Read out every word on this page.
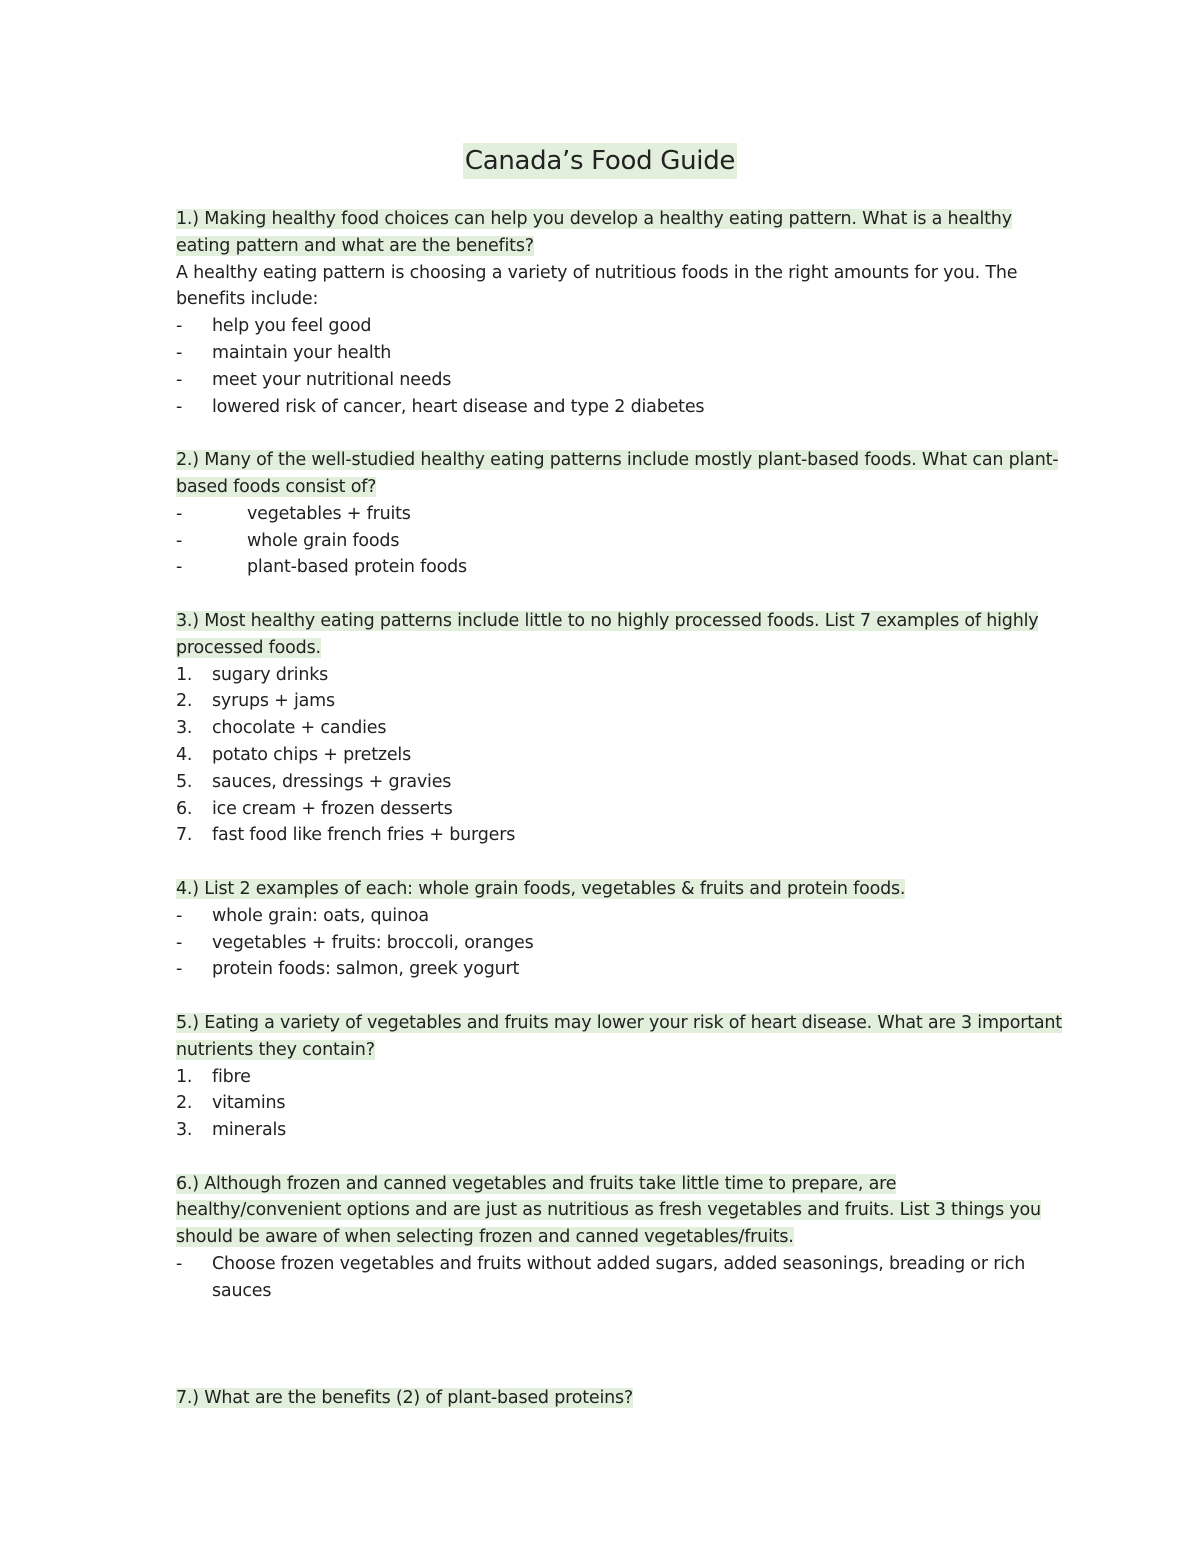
Canada’s Food Guide

1.) Making healthy food choices can help you develop a healthy eating pattern. What is a healthy eating pattern and what are the benefits?

A healthy eating pattern is choosing a variety of nutritious foods in the right amounts for you. The benefits include:

- help you feel good
- maintain your health
- meet your nutritional needs
- lowered risk of cancer, heart disease and type 2 diabetes

2.) Many of the well-studied healthy eating patterns include mostly plant-based foods. What can plant-based foods consist of?

-	vegetables + fruits
-	whole grain foods
-	plant-based protein foods

3.) Most healthy eating patterns include little to no highly processed foods. List 7 examples of highly processed foods.

1. sugary drinks
2. syrups + jams
3. chocolate + candies
4. potato chips + pretzels
5. sauces, dressings + gravies
6. ice cream + frozen desserts
7. fast food like french fries + burgers

4.) List 2 examples of each: whole grain foods, vegetables & fruits and protein foods.

- whole grain: oats, quinoa
- vegetables + fruits: broccoli, oranges
- protein foods: salmon, greek yogurt

5.) Eating a variety of vegetables and fruits may lower your risk of heart disease. What are 3 important nutrients they contain?

1. fibre
2. vitamins
3. minerals

6.) Although frozen and canned vegetables and fruits take little time to prepare, are healthy/convenient options and are just as nutritious as fresh vegetables and fruits. List 3 things you should be aware of when selecting frozen and canned vegetables/fruits.

- Choose frozen vegetables and fruits without added sugars, added seasonings, breading or rich sauces

7.) What are the benefits (2) of plant-based proteins?
